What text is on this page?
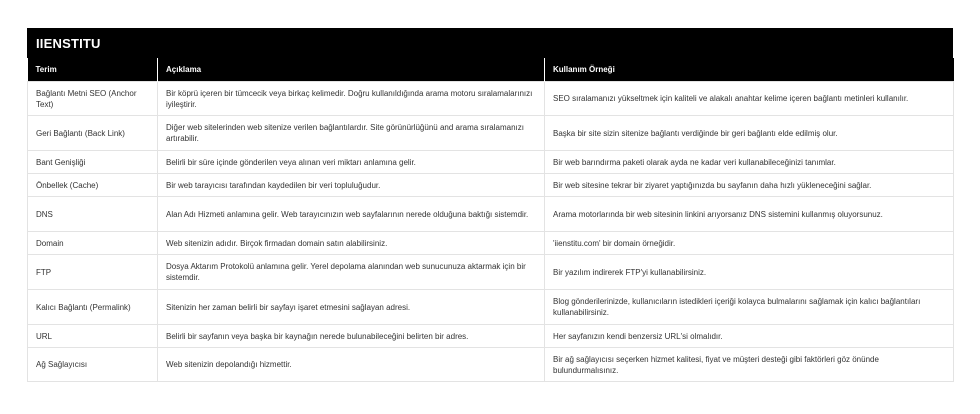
IIENSTITU
Terim	Açıklama	Kullanım Örneği
Bağlantı Metni SEO (Anchor Text)	Bir köprü içeren bir tümcecik veya birkaç kelimedir. Doğru kullanıldığında arama motoru sıralamalarınızı iyileştirir.	SEO sıralamanızı yükseltmek için kaliteli ve alakalı anahtar kelime içeren bağlantı metinleri kullanılır.
Geri Bağlantı (Back Link)	Diğer web sitelerinden web sitenize verilen bağlantılardır. Site görünürlüğünü and arama sıralamanızı artırabilir.	Başka bir site sizin sitenize bağlantı verdiğinde bir geri bağlantı elde edilmiş olur.
Bant Genişliği	Belirli bir süre içinde gönderilen veya alınan veri miktarı anlamına gelir.	Bir web barındırma paketi olarak ayda ne kadar veri kullanabileceğinizi tanımlar.
Önbellek (Cache)	Bir web tarayıcısı tarafından kaydedilen bir veri topluluğudur.	Bir web sitesine tekrar bir ziyaret yaptığınızda bu sayfanın daha hızlı yükleneceğini sağlar.
DNS	Alan Adı Hizmeti anlamına gelir. Web tarayıcınızın web sayfalarının nerede olduğuna baktığı sistemdir.	Arama motorlarında bir web sitesinin linkini arıyorsanız DNS sistemini kullanmış oluyorsunuz.
Domain	Web sitenizin adıdır. Birçok firmadan domain satın alabilirsiniz.	'iienstitu.com' bir domain örneğidir.
FTP	Dosya Aktarım Protokolü anlamına gelir. Yerel depolama alanından web sunucunuza aktarmak için bir sistemdir.	Bir yazılım indirerek FTP'yi kullanabilirsiniz.
Kalıcı Bağlantı (Permalink)	Sitenizin her zaman belirli bir sayfayı işaret etmesini sağlayan adresi.	Blog gönderilerinizde, kullanıcıların istedikleri içeriği kolayca bulmalarını sağlamak için kalıcı bağlantıları kullanabilirsiniz.
URL	Belirli bir sayfanın veya başka bir kaynağın nerede bulunabileceğini belirten bir adres.	Her sayfanızın kendi benzersiz URL'si olmalıdır.
Ağ Sağlayıcısı	Web sitenizin depolandığı hizmettir.	Bir ağ sağlayıcısı seçerken hizmet kalitesi, fiyat ve müşteri desteği gibi faktörleri göz önünde bulundurmalısınız.
